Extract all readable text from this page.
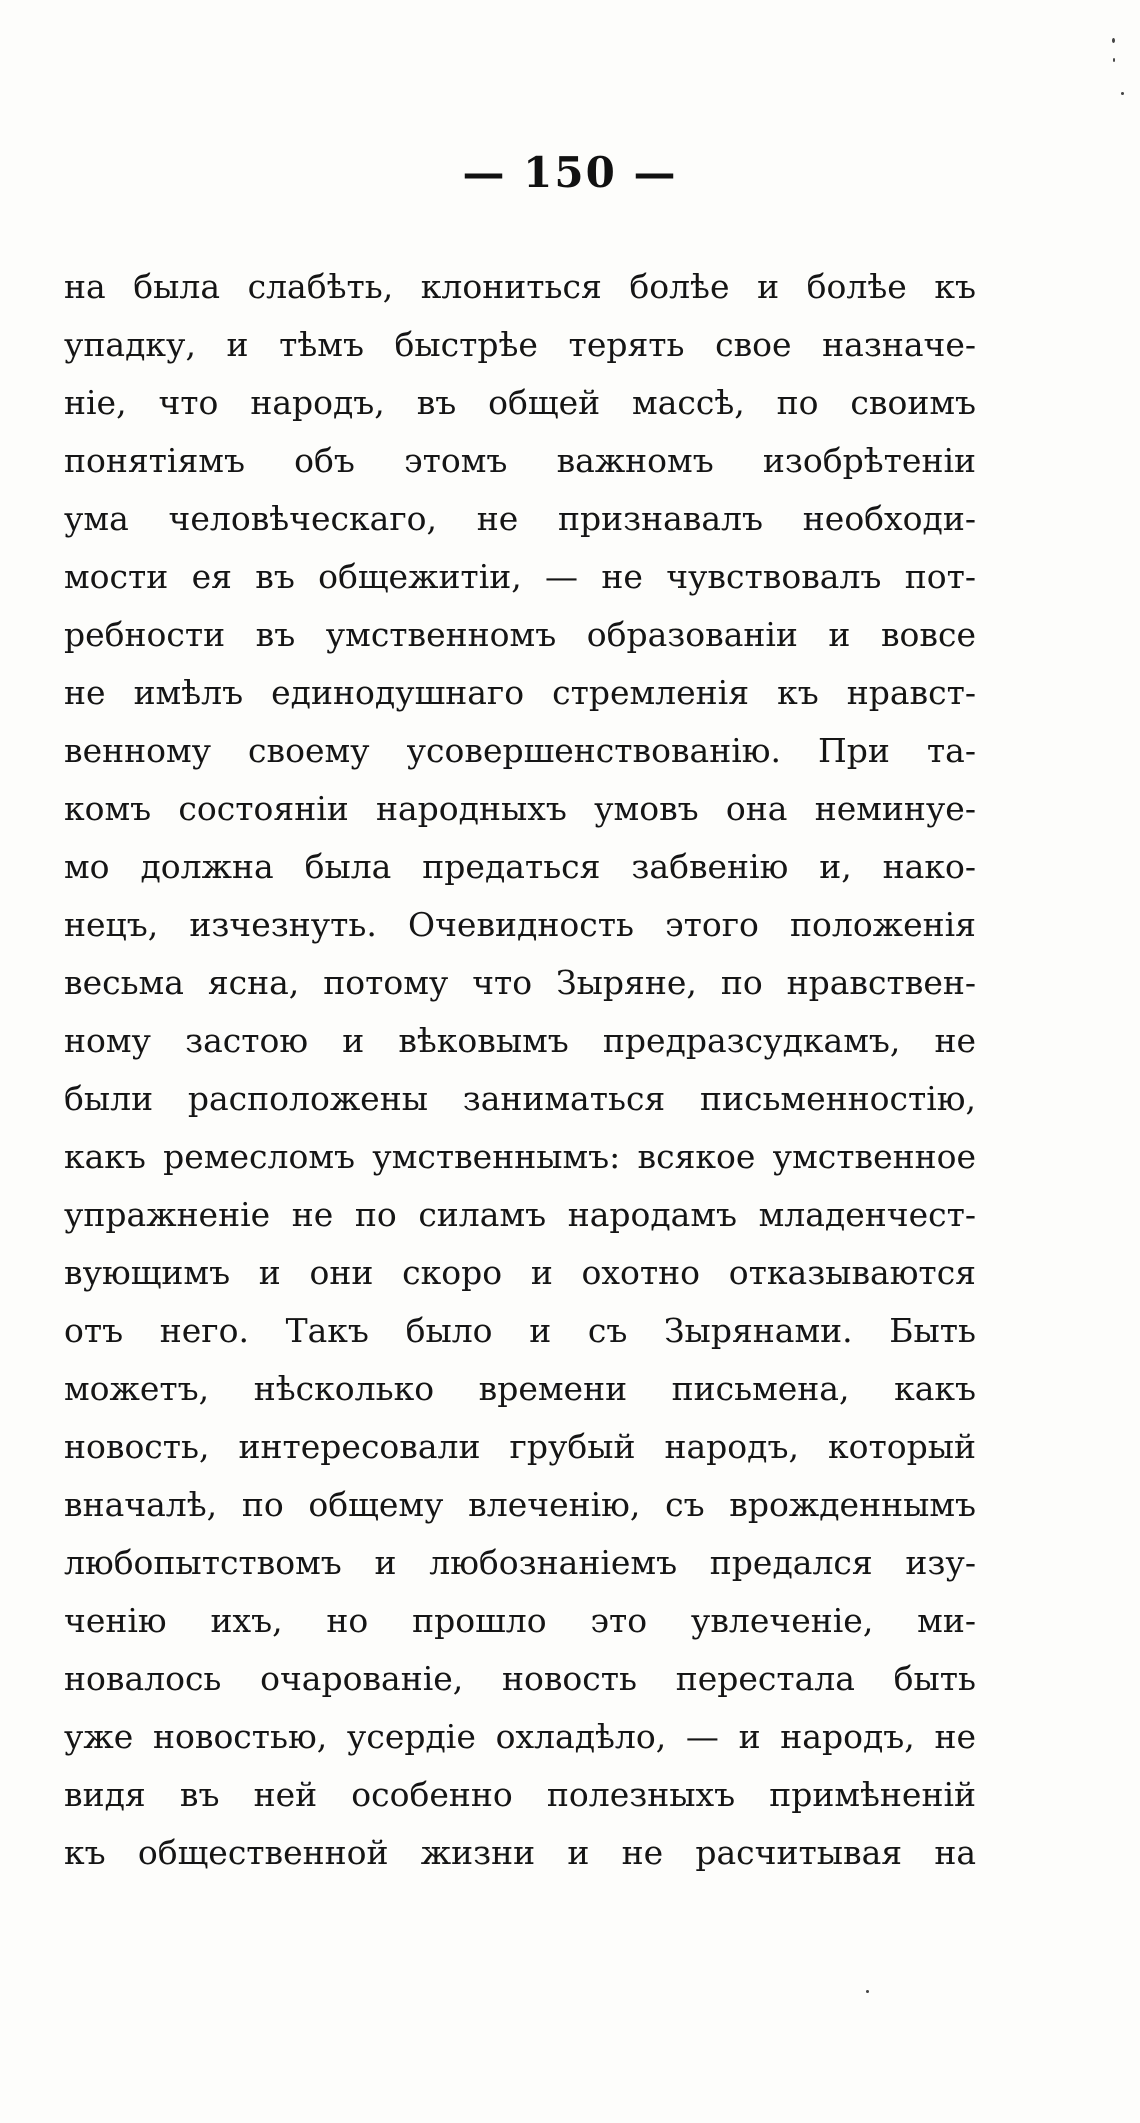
— 150 —
на была слабѣть, клониться болѣе и болѣе къ
упадку, и тѣмъ быстрѣе терять свое назначе-
ніе, что народъ, въ общей массѣ, по своимъ
понятіямъ объ этомъ важномъ изобрѣтеніи
ума человѣческаго, не признавалъ необходи-
мости ея въ общежитіи, — не чувствовалъ пот-
ребности въ умственномъ образованіи и вовсе
не имѣлъ единодушнаго стремленія къ нравст-
венному своему усовершенствованію. При та-
комъ состояніи народныхъ умовъ она неминуе-
мо должна была предаться забвенію и, нако-
нецъ, изчезнуть. Очевидность этого положенія
весьма ясна, потому что Зыряне, по нравствен-
ному застою и вѣковымъ предразсудкамъ, не
были расположены заниматься письменностію,
какъ ремесломъ умственнымъ: всякое умственное
упражненіе не по силамъ народамъ младенчест-
вующимъ и они скоро и охотно отказываются
отъ него. Такъ было и съ Зырянами. Быть
можетъ, нѣсколько времени письмена, какъ
новость, интересовали грубый народъ, который
вначалѣ, по общему влеченію, съ врожденнымъ
любопытствомъ и любознаніемъ предался изу-
ченію ихъ, но прошло это увлеченіе, ми-
новалось очарованіе, новость перестала быть
уже новостью, усердіе охладѣло, — и народъ, не
видя въ ней особенно полезныхъ примѣненій
къ общественной жизни и не расчитывая на
